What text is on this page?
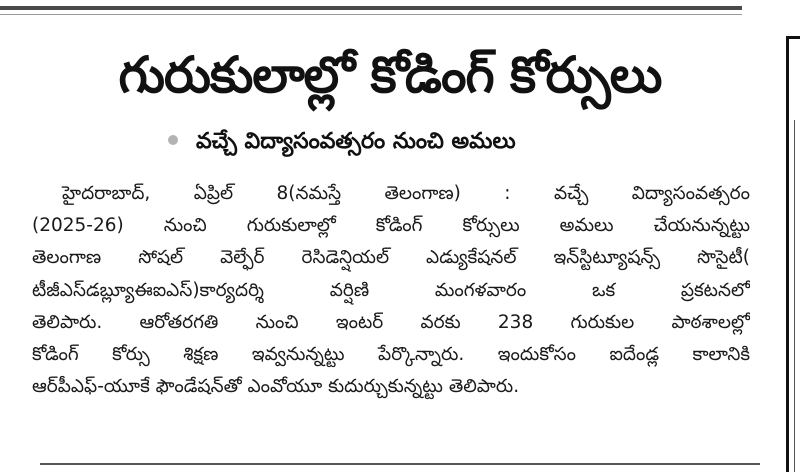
గురుకులాల్లో కోడింగ్ కోర్సులు
వచ్చే విద్యాసంవత్సరం నుంచి అమలు
హైదరాబాద్, ఏప్రిల్ 8(నమస్తే తెలంగాణ) : వచ్చే విద్యాసంవత్సరం
(2025-26) నుంచి గురుకులాల్లో కోడింగ్ కోర్సులు అమలు చేయనున్నట్టు
తెలంగాణ సోషల్ వెల్ఫేర్ రెసిడెన్షియల్ ఎడ్యుకేషనల్ ఇన్‌స్టిట్యూషన్స్ సొసైటీ(
టీజీఎస్‌డబ్ల్యూఈఐఎస్)కార్యదర్శి వర్షిణి మంగళవారం ఒక ప్రకటనలో
తెలిపారు. ఆరోతరగతి నుంచి ఇంటర్ వరకు 238 గురుకుల పాఠశాలల్లో
కోడింగ్ కోర్సు శిక్షణ ఇవ్వనున్నట్టు పేర్కొన్నారు. ఇందుకోసం ఐదేండ్ల కాలానికి
ఆర్‌పీఎఫ్-యూకే ఫౌండేషన్‌తో ఎంవోయూ కుదుర్చుకున్నట్టు తెలిపారు.
